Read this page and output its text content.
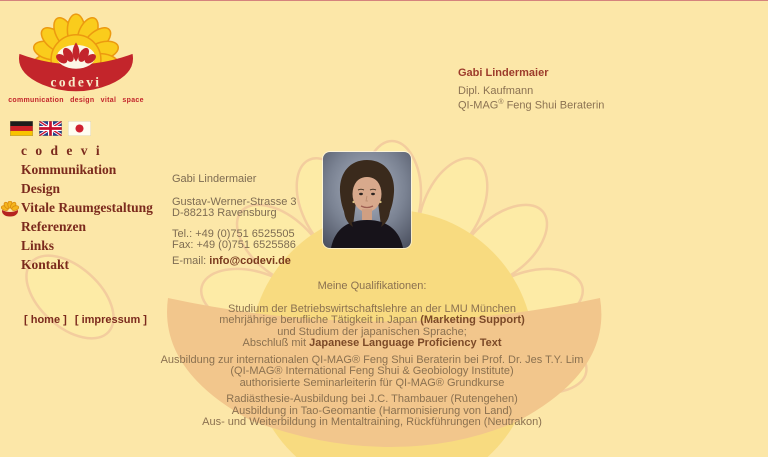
codevi
communication design vital space
c o d e v i
Kommunikation
Design
Vitale Raumgestaltung
Referenzen
Links
Kontakt
[ home ] [ impressum ]
Gabi Lindermaier
Gustav-Werner-Strasse 3
D-88213 Ravensburg
Tel.: +49 (0)751 6525505
Fax: +49 (0)751 6525586
E-mail: info@codevi.de
Gabi Lindermaier
Dipl. Kaufmann
QI-MAG® Feng Shui Beraterin
Meine Qualifikationen:
Studium der Betriebswirtschaftslehre an der LMU München
mehrjährige berufliche Tätigkeit in Japan (Marketing Support)
und Studium der japanischen Sprache;
Abschluß mit Japanese Language Proficiency Text
Ausbildung zur internationalen QI-MAG® Feng Shui Beraterin bei Prof. Dr. Jes T.Y. Lim
(QI-MAG® International Feng Shui & Geobiology Institute)
authorisierte Seminarleiterin für QI-MAG® Grundkurse
Radiästhesie-Ausbildung bei J.C. Thambauer (Rutengehen)
Ausbildung in Tao-Geomantie (Harmonisierung von Land)
Aus- und Weiterbildung in Mentaltraining, Rückführungen (Neutrakon)
